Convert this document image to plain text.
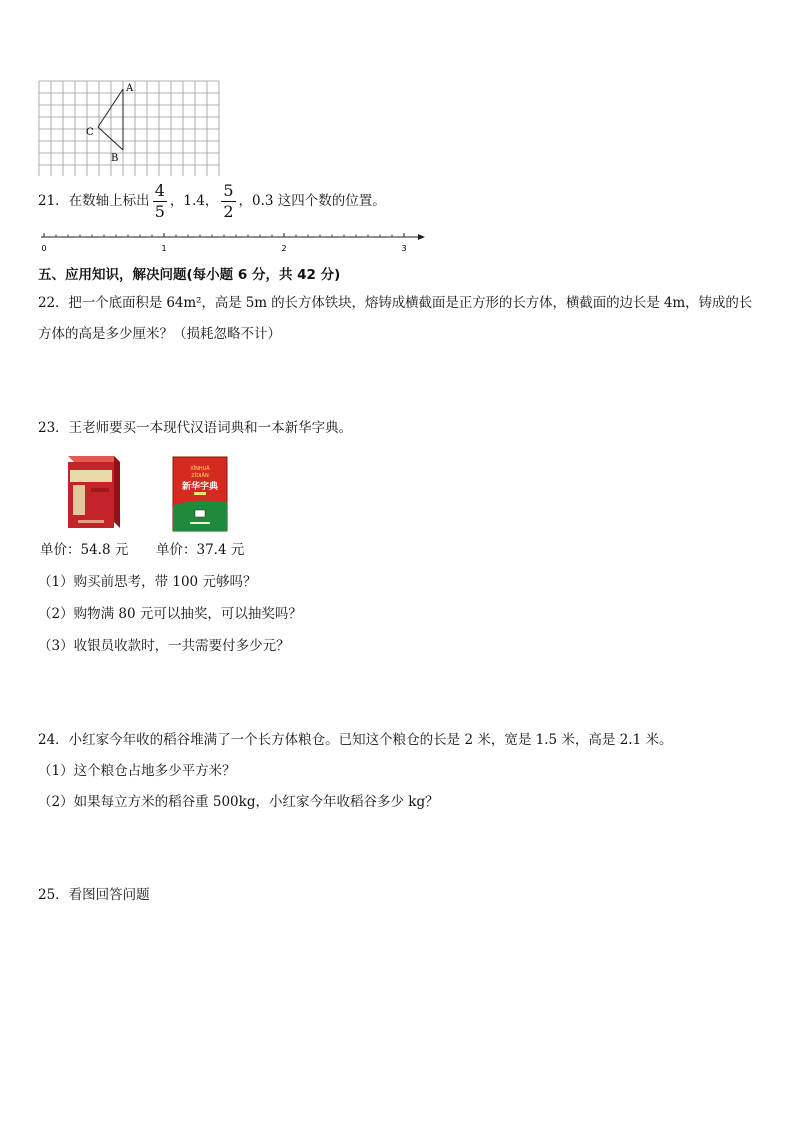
A
B
C
21．在数轴上标出 $\frac{4}{5}$ ，1.4， $\frac{5}{2}$ ，0.3 这四个数的位置。
0	1	2	3
五、应用知识，解决问题(每小题 6 分，共 42 分)
22．把一个底面积是 64m²，高是 5m 的长方体铁块，熔铸成横截面是正方形的长方体，横截面的边长是 4m，铸成的长
方体的高是多少厘米？（损耗忽略不计）
23．王老师要买一本现代汉语词典和一本新华字典。
单价：54.8 元
XĪNHUÁ
ZÌDIǍN
新华字典
单价：37.4 元
（1）购买前思考，带 100 元够吗？
（2）购物满 80 元可以抽奖，可以抽奖吗？
（3）收银员收款时，一共需要付多少元？
24．小红家今年收的稻谷堆满了一个长方体粮仓。已知这个粮仓的长是 2 米，宽是 1.5 米，高是 2.1 米。
（1）这个粮仓占地多少平方米？
（2）如果每立方米的稻谷重 500kg，小红家今年收稻谷多少 kg？
25．看图回答问题
